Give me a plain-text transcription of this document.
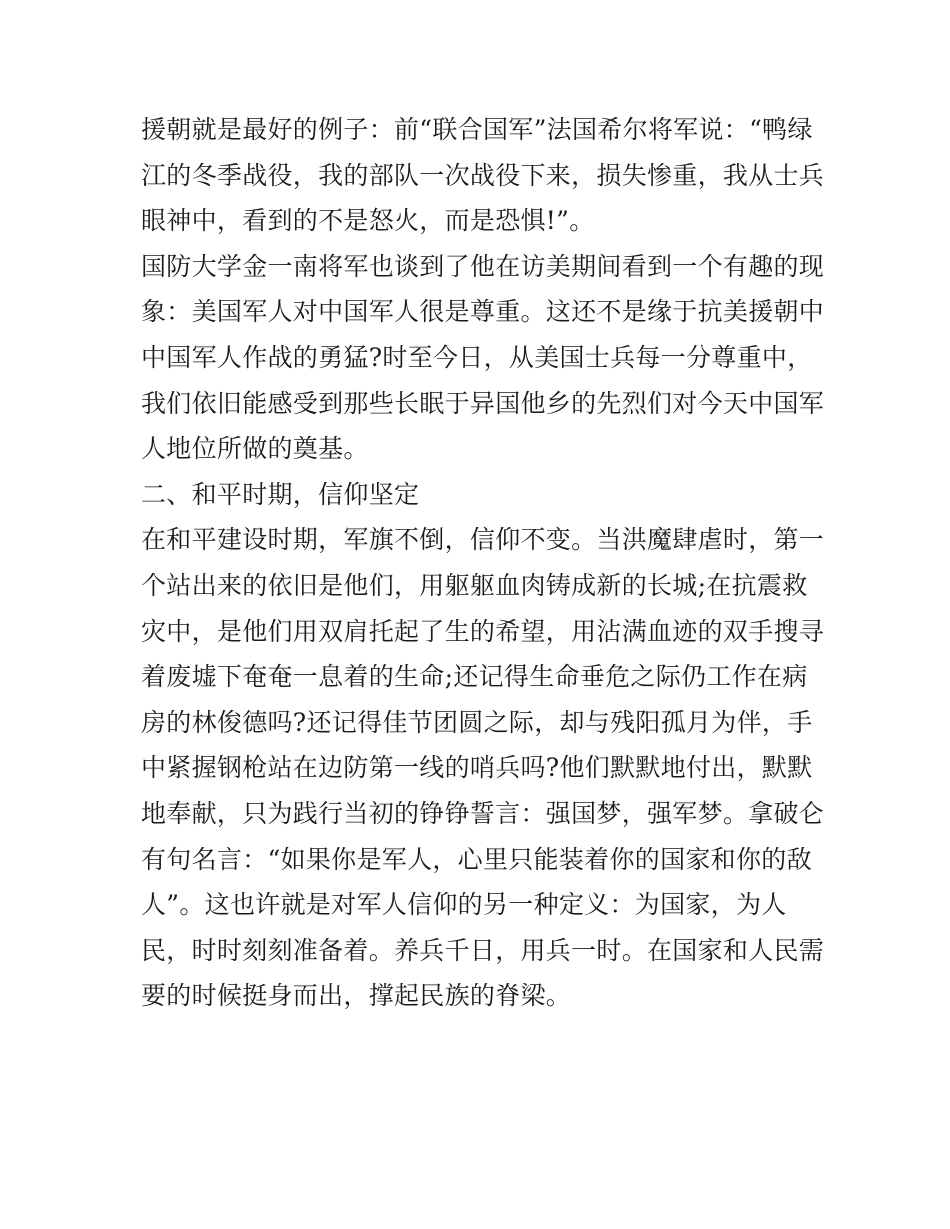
援朝就是最好的例子：前“联合国军”法国希尔将军说：“鸭绿
江的冬季战役，我的部队一次战役下来，损失惨重，我从士兵
眼神中，看到的不是怒火，而是恐惧!”。
国防大学金一南将军也谈到了他在访美期间看到一个有趣的现
象：美国军人对中国军人很是尊重。这还不是缘于抗美援朝中
中国军人作战的勇猛?时至今日，从美国士兵每一分尊重中，
我们依旧能感受到那些长眠于异国他乡的先烈们对今天中国军
人地位所做的奠基。
二、和平时期，信仰坚定
在和平建设时期，军旗不倒，信仰不变。当洪魔肆虐时，第一
个站出来的依旧是他们，用躯躯血肉铸成新的长城;在抗震救
灾中，是他们用双肩托起了生的希望，用沾满血迹的双手搜寻
着废墟下奄奄一息着的生命;还记得生命垂危之际仍工作在病
房的林俊德吗?还记得佳节团圆之际，却与残阳孤月为伴，手
中紧握钢枪站在边防第一线的哨兵吗?他们默默地付出，默默
地奉献，只为践行当初的铮铮誓言：强国梦，强军梦。拿破仑
有句名言：“如果你是军人，心里只能装着你的国家和你的敌
人”。这也许就是对军人信仰的另一种定义：为国家，为人
民，时时刻刻准备着。养兵千日，用兵一时。在国家和人民需
要的时候挺身而出，撑起民族的脊梁。
